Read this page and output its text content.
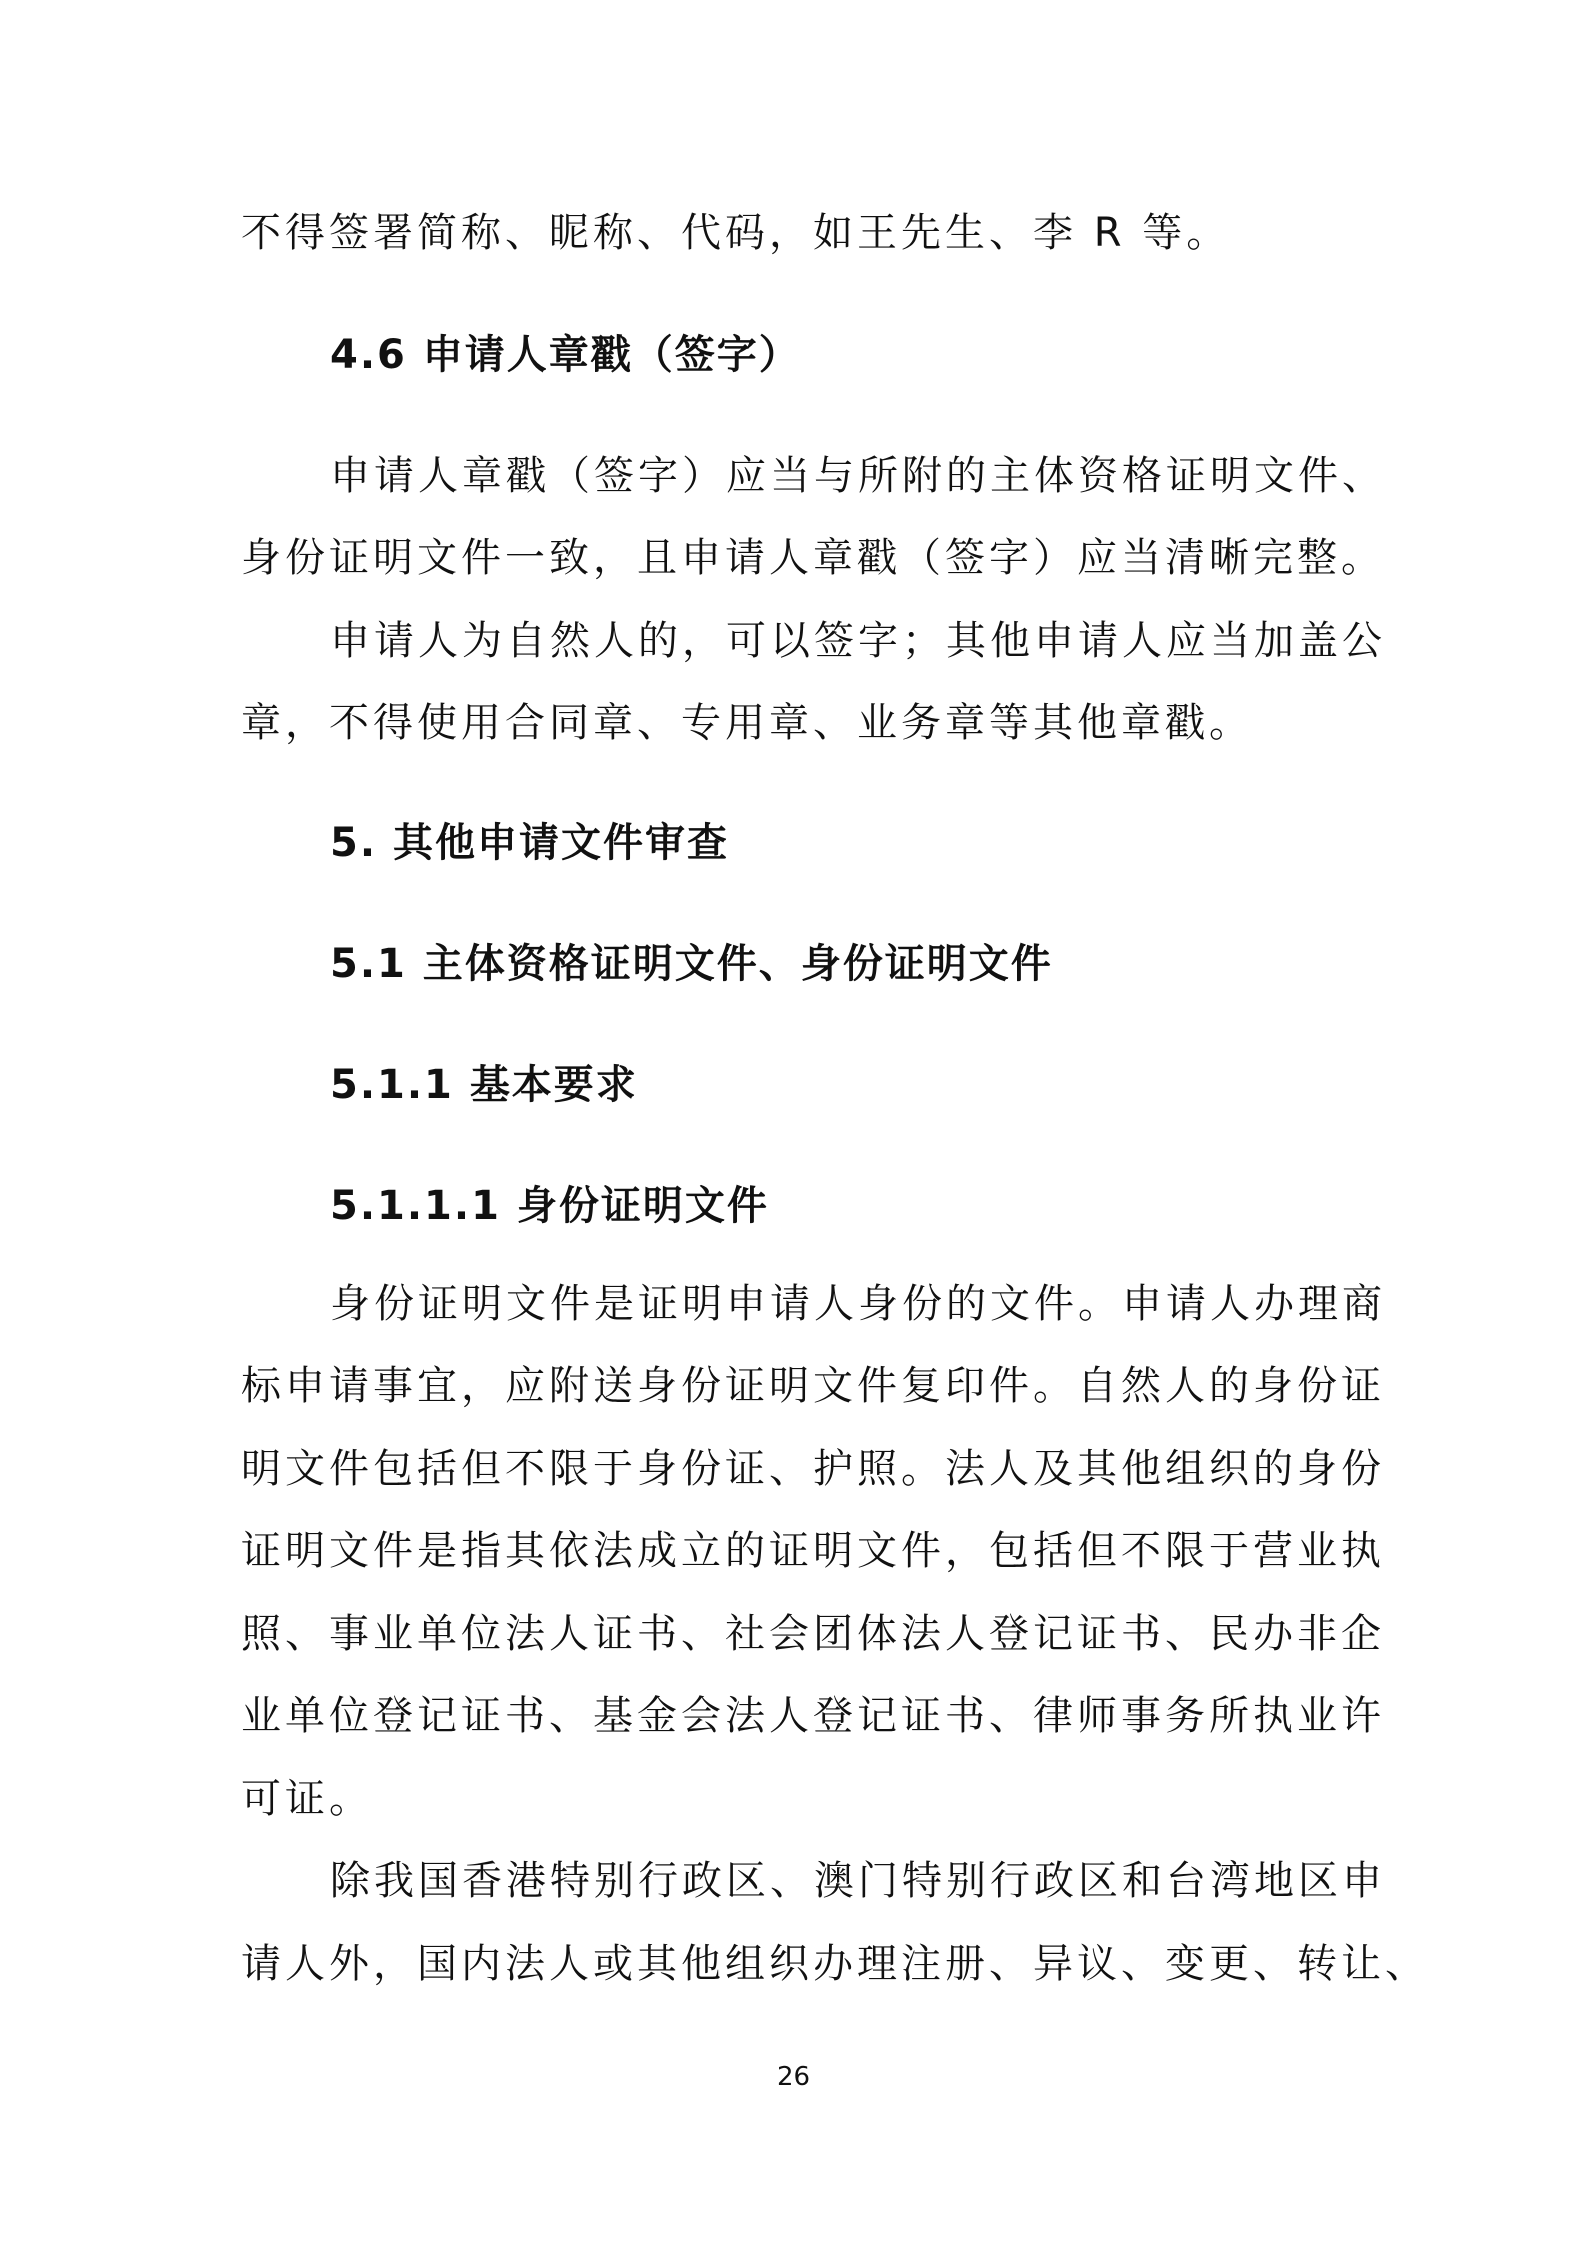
不得签署简称、昵称、代码，如王先生、李 R 等。
4.6 申请人章戳（签字）
申请人章戳（签字）应当与所附的主体资格证明文件、
身份证明文件一致，且申请人章戳（签字）应当清晰完整。
申请人为自然人的，可以签字；其他申请人应当加盖公
章，不得使用合同章、专用章、业务章等其他章戳。
5. 其他申请文件审查
5.1 主体资格证明文件、身份证明文件
5.1.1 基本要求
5.1.1.1 身份证明文件
身份证明文件是证明申请人身份的文件。申请人办理商
标申请事宜，应附送身份证明文件复印件。自然人的身份证
明文件包括但不限于身份证、护照。法人及其他组织的身份
证明文件是指其依法成立的证明文件，包括但不限于营业执
照、事业单位法人证书、社会团体法人登记证书、民办非企
业单位登记证书、基金会法人登记证书、律师事务所执业许
可证。
除我国香港特别行政区、澳门特别行政区和台湾地区申
请人外，国内法人或其他组织办理注册、异议、变更、转让、
26
